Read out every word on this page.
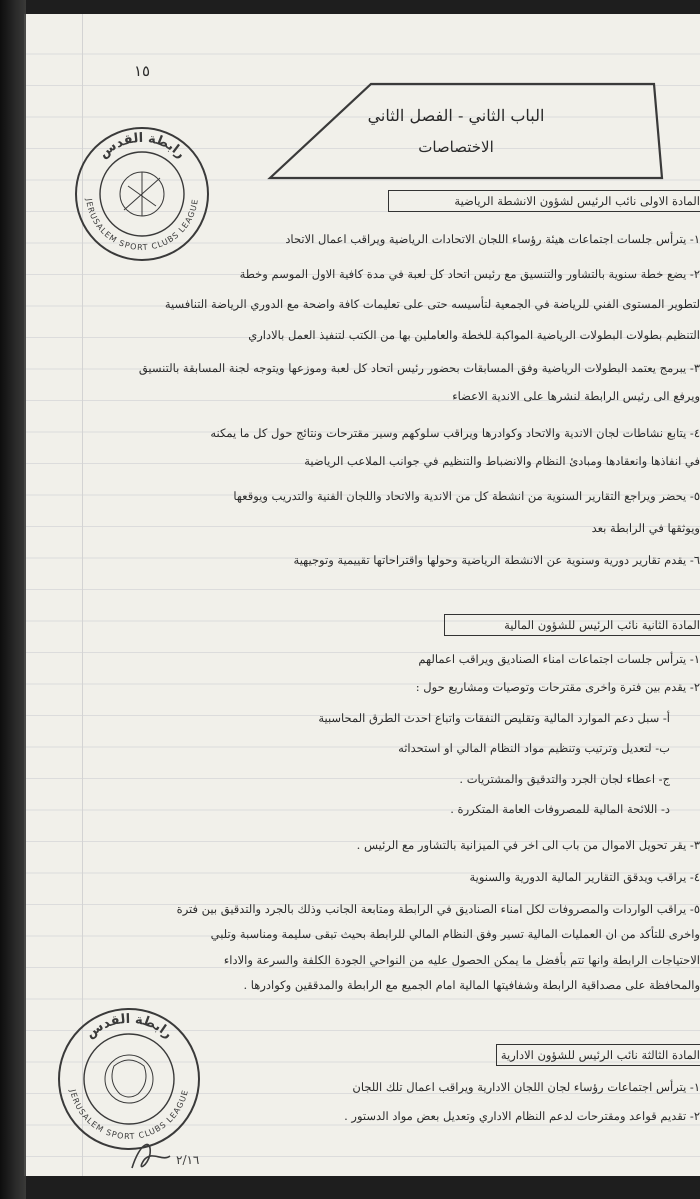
١٥
الباب الثاني - الفصل الثاني
الاختصاصات
رابطة القدس
JERUSALEM SPORT CLUBS LEAGUE
رابطة القدس
JERUSALEM SPORT CLUBS LEAGUE
المادة الاولى نائب الرئيس لشؤون الانشطة الرياضية
١- يترأس جلسات اجتماعات هيئة رؤساء اللجان الاتحادات الرياضية ويراقب اعمال الاتحاد
٢- يضع خطة سنوية بالتشاور والتنسيق مع رئيس اتحاد كل لعبة في مدة كافية الاول الموسم وخطة
لتطوير المستوى الفني للرياضة في الجمعية لتأسيسه حتى على تعليمات كافة واضحة مع الدوري الرياضة التنافسية
التنظيم بطولات البطولات الرياضية المواكبة للخطة والعاملين بها من الكتب لتنفيذ العمل بالاداري
٣- يبرمج يعتمد البطولات الرياضية وفق المسابقات بحضور رئيس اتحاد كل لعبة وموزعها ويتوجه لجنة المسابقة بالتنسيق
ويرفع الى رئيس الرابطة لنشرها على الاندية الاعضاء
٤- يتابع نشاطات لجان الاندية والاتحاد وكوادرها ويراقب سلوكهم وسير مقترحات ونتائج حول كل ما يمكنه
في انفاذها وانعقادها ومبادئ النظام والانضباط والتنظيم في جوانب الملاعب الرياضية
٥- يحضر ويراجع التقارير السنوية من انشطة كل من الاندية والاتحاد واللجان الفنية والتدريب ويوقعها
ويوثقها في الرابطة بعد
٦- يقدم تقارير دورية وسنوية عن الانشطة الرياضية وحولها واقتراحاتها تقييمية وتوجيهية
المادة الثانية نائب الرئيس للشؤون المالية
١- يترأس جلسات اجتماعات امناء الصناديق ويراقب اعمالهم
٢- يقدم بين فترة واخرى مقترحات وتوصيات ومشاريع حول :
أ- سبل دعم الموارد المالية وتقليص النفقات واتباع احدث الطرق المحاسبية
ب- لتعديل وترتيب وتنظيم مواد النظام المالي او استحداثه
ج- اعطاء لجان الجرد والتدقيق والمشتريات .
د- اللائحة المالية للمصروفات العامة المتكررة .
٣- يقر تحويل الاموال من باب الى اخر في الميزانية بالتشاور مع الرئيس .
٤- يراقب ويدقق التقارير المالية الدورية والسنوية
٥- يراقب الواردات والمصروفات لكل امناء الصناديق في الرابطة ومتابعة الجانب وذلك بالجرد والتدقيق بين فترة
واخرى للتأكد من ان العمليات المالية تسير وفق النظام المالي للرابطة بحيث تبقى سليمة ومناسبة وتلبي
الاحتياجات الرابطة وانها تتم بأفضل ما يمكن الحصول عليه من النواحي الجودة الكلفة والسرعة والاداء
والمحافظة على مصداقية الرابطة وشفافيتها المالية امام الجميع مع الرابطة والمدققين وكوادرها .
المادة الثالثة نائب الرئيس للشؤون الادارية
١- يترأس اجتماعات رؤساء لجان اللجان الادارية ويراقب اعمال تلك اللجان
٢- تقديم قواعد ومقترحات لدعم النظام الاداري وتعديل بعض مواد الدستور .
٢/١٦
